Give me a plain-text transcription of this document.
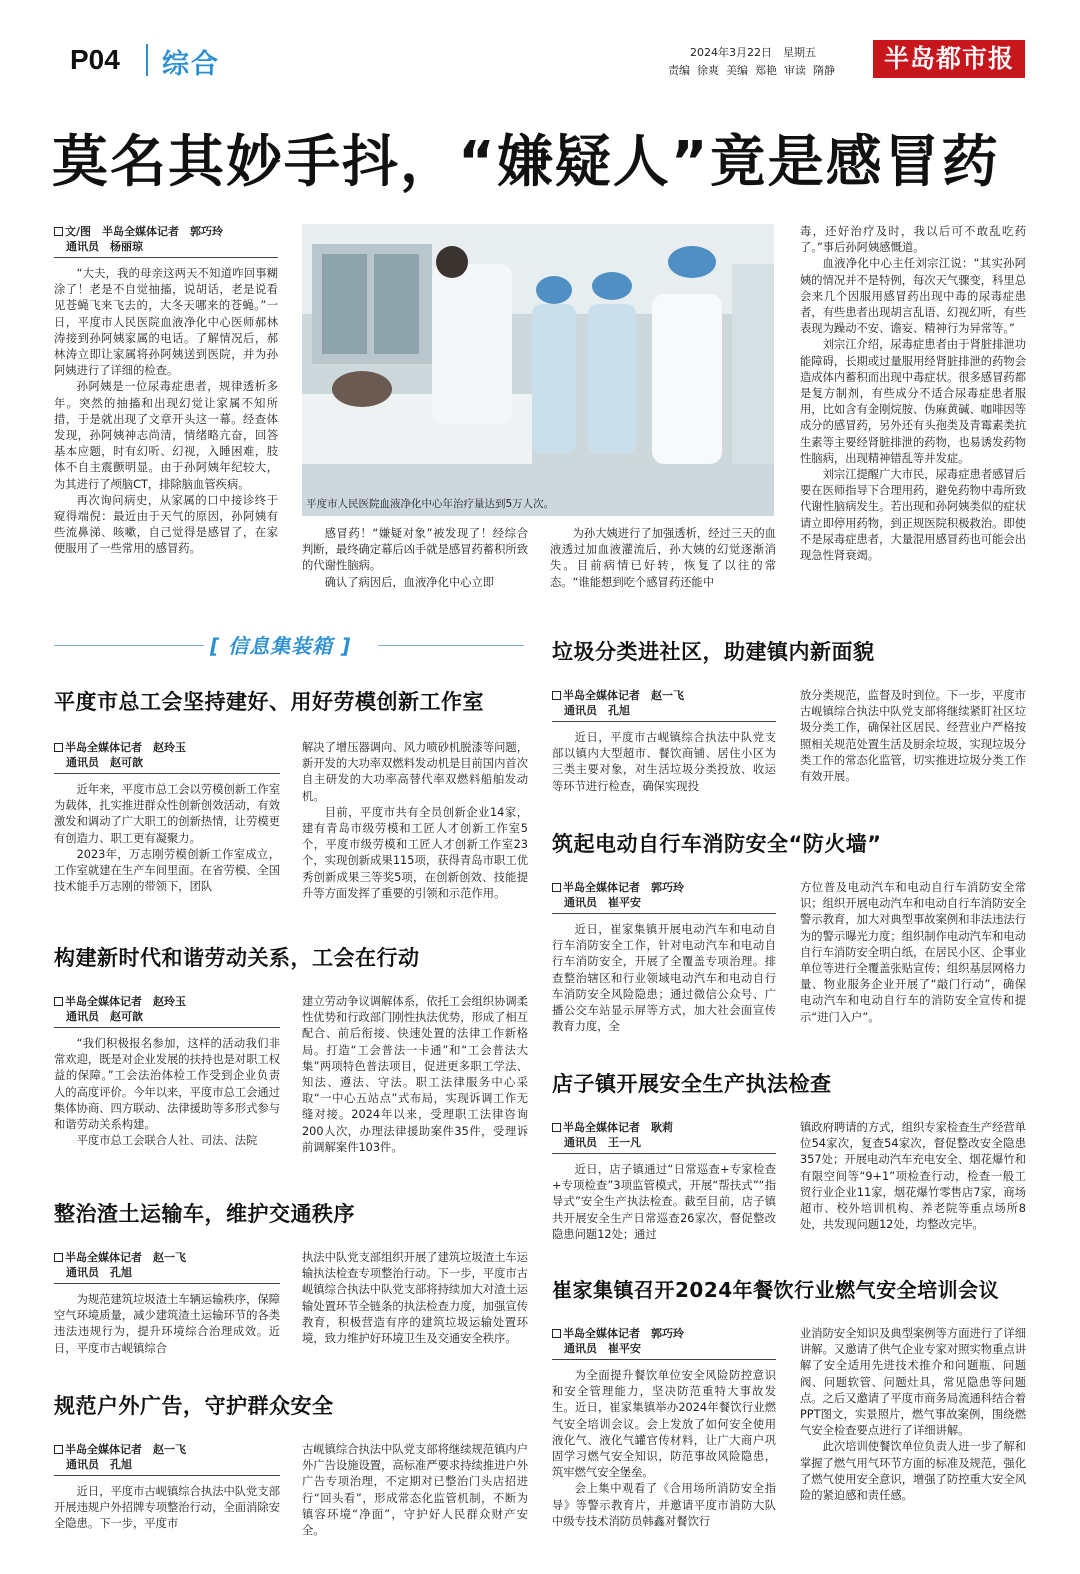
P04 综合	2024年3月22日　星期五
责编 徐爽 美编 郑艳 审读 隋静	半岛都市报
莫名其妙手抖，“嫌疑人”竟是感冒药
文/图　半岛全媒体记者　郭巧玲
通讯员　杨丽琼

“大夫，我的母亲这两天不知道咋回事糊涂了！老是不自觉抽搐，说胡话，老是说看见苍蝇飞来飞去的，大冬天哪来的苍蝇。”一日，平度市人民医院血液净化中心医师郝林涛接到孙阿姨家属的电话。了解情况后，郝林涛立即让家属将孙阿姨送到医院，并为孙阿姨进行了详细的检查。

孙阿姨是一位尿毒症患者，规律透析多年。突然的抽搐和出现幻觉让家属不知所措，于是就出现了文章开头这一幕。经查体发现，孙阿姨神志尚清，情绪略亢奋，回答基本应题，时有幻听、幻视，入睡困难，肢体不自主震颤明显。由于孙阿姨年纪较大，为其进行了颅脑CT，排除脑血管疾病。

再次询问病史，从家属的口中接诊终于窥得端倪：最近由于天气的原因，孙阿姨有些流鼻涕、咳嗽，自己觉得是感冒了，在家便服用了一些常用的感冒药。

平度市人民医院血液净化中心年治疗量达到5万人次。

感冒药！“嫌疑对象”被发现了！经综合判断，最终确定幕后凶手就是感冒药蓄积所致的代谢性脑病。

确认了病因后，血液净化中心立即

为孙大姨进行了加强透析，经过三天的血液透过加血液灌流后，孙大姨的幻觉逐渐消失。目前病情已好转，恢复了以往的常态。“谁能想到吃个感冒药还能中

毒，还好治疗及时，我以后可不敢乱吃药了。”事后孙阿姨感慨道。

血液净化中心主任刘宗江说：“其实孙阿姨的情况并不是特例，每次天气骤变，科里总会来几个因服用感冒药出现中毒的尿毒症患者，有些患者出现胡言乱语、幻视幻听，有些表现为躁动不安、谵妄、精神行为异常等。”

刘宗江介绍，尿毒症患者由于肾脏排泄功能障碍，长期或过量服用经肾脏排泄的药物会造成体内蓄积而出现中毒症状。很多感冒药都是复方制剂，有些成分不适合尿毒症患者服用，比如含有金刚烷胺、伪麻黄碱、咖啡因等成分的感冒药，另外还有头孢类及青霉素类抗生素等主要经肾脏排泄的药物，也易诱发药物性脑病，出现精神错乱等并发症。

刘宗江提醒广大市民，尿毒症患者感冒后要在医师指导下合理用药，避免药物中毒所致代谢性脑病发生。若出现和孙阿姨类似的症状请立即停用药物，到正规医院积极救治。即使不是尿毒症患者，大量混用感冒药也可能会出现急性肾衰竭。

[ 信息集装箱 ]
平度市总工会坚持建好、用好劳模创新工作室
半岛全媒体记者　赵玲玉
通讯员　赵可歆

近年来，平度市总工会以劳模创新工作室为载体，扎实推进群众性创新创效活动，有效激发和调动了广大职工的创新热情，让劳模更有创造力、职工更有凝聚力。

2023年，万志刚劳模创新工作室成立，工作室就建在生产车间里面。在省劳模、全国技术能手万志刚的带领下，团队

解决了增压器调向、风力喷砂机脱漆等问题，新开发的大功率双燃料发动机是目前国内首次自主研发的大功率高替代率双燃料船舶发动机。

目前，平度市共有全员创新企业14家，建有青岛市级劳模和工匠人才创新工作室5个，平度市级劳模和工匠人才创新工作室23个，实现创新成果115项，获得青岛市职工优秀创新成果三等奖5项，在创新创效、技能提升等方面发挥了重要的引领和示范作用。

构建新时代和谐劳动关系，工会在行动
半岛全媒体记者　赵玲玉
通讯员　赵可歆

“我们积极报名参加，这样的活动我们非常欢迎，既是对企业发展的扶持也是对职工权益的保障。”工会法治体检工作受到企业负责人的高度评价。今年以来，平度市总工会通过集体协商、四方联动、法律援助等多形式参与和谐劳动关系构建。

平度市总工会联合人社、司法、法院

建立劳动争议调解体系，依托工会组织协调柔性优势和行政部门刚性执法优势，形成了相互配合、前后衔接、快速处置的法律工作新格局。打造“工会普法一卡通”和“工会普法大集”两项特色普法项目，促进更多职工学法、知法、遵法、守法。职工法律服务中心采取“一中心五站点”式布局，实现诉调工作无缝对接。2024年以来，受理职工法律咨询200人次，办理法律援助案件35件，受理诉前调解案件103件。

整治渣土运输车，维护交通秩序
半岛全媒体记者　赵一飞
通讯员　孔旭

为规范建筑垃圾渣土车辆运输秩序，保障空气环境质量，减少建筑渣土运输环节的各类违法违规行为，提升环境综合治理成效。近日，平度市古岘镇综合

执法中队党支部组织开展了建筑垃圾渣土车运输执法检查专项整治行动。下一步，平度市古岘镇综合执法中队党支部将持续加大对渣土运输处置环节全链条的执法检查力度，加强宣传教育，积极营造有序的建筑垃圾运输处置环境，致力维护好环境卫生及交通安全秩序。

规范户外广告，守护群众安全
半岛全媒体记者　赵一飞
通讯员　孔旭

近日，平度市古岘镇综合执法中队党支部开展违规户外招牌专项整治行动，全面消除安全隐患。下一步，平度市

古岘镇综合执法中队党支部将继续规范镇内户外广告设施设置，高标准严要求持续推进户外广告专项治理，不定期对已整治门头店招进行“回头看”，形成常态化监管机制，不断为镇容环境“净面”，守护好人民群众财产安全。

垃圾分类进社区，助建镇内新面貌
半岛全媒体记者　赵一飞
通讯员　孔旭

近日，平度市古岘镇综合执法中队党支部以镇内大型超市、餐饮商铺、居住小区为三类主要对象，对生活垃圾分类投放、收运等环节进行检查，确保实现投

放分类规范，监督及时到位。下一步，平度市古岘镇综合执法中队党支部将继续紧盯社区垃圾分类工作，确保社区居民、经营业户严格按照相关规范处置生活及厨余垃圾，实现垃圾分类工作的常态化监管，切实推进垃圾分类工作有效开展。

筑起电动自行车消防安全“防火墙”
半岛全媒体记者　郭巧玲
通讯员　崔平安

近日，崔家集镇开展电动汽车和电动自行车消防安全工作，针对电动汽车和电动自行车消防安全，开展了全覆盖专项治理。排查整治辖区和行业领域电动汽车和电动自行车消防安全风险隐患；通过微信公众号、广播公交车站显示屏等方式，加大社会面宣传教育力度，全

方位普及电动汽车和电动自行车消防安全常识；组织开展电动汽车和电动自行车消防安全警示教育，加大对典型事故案例和非法违法行为的警示曝光力度；组织制作电动汽车和电动自行车消防安全明白纸，在居民小区、企事业单位等进行全覆盖张贴宣传；组织基层网格力量、物业服务企业开展了“敲门行动”，确保电动汽车和电动自行车的消防安全宣传和提示“进门入户”。

店子镇开展安全生产执法检查
半岛全媒体记者　耿莉
通讯员　王一凡

近日，店子镇通过“日常巡查+专家检查+专项检查”3项监管模式，开展“帮扶式”“指导式”安全生产执法检查。截至目前，店子镇共开展安全生产日常巡查26家次，督促整改隐患问题12处；通过

镇政府聘请的方式，组织专家检查生产经营单位54家次，复查54家次，督促整改安全隐患357处；开展电动汽车充电安全、烟花爆竹和有限空间等“9+1”项检查行动，检查一般工贸行业企业11家，烟花爆竹零售店7家，商场超市、校外培训机构、养老院等重点场所8处，共发现问题12处，均整改完毕。

崔家集镇召开2024年餐饮行业燃气安全培训会议
半岛全媒体记者　郭巧玲
通讯员　崔平安

为全面提升餐饮单位安全风险防控意识和安全管理能力，坚决防范重特大事故发生。近日，崔家集镇举办2024年餐饮行业燃气安全培训会议。会上发放了如何安全使用液化气、液化气罐官传材料，让广大商户巩固学习燃气安全知识，防范事故风险隐患，筑牢燃气安全堡垒。

会上集中观看了《合用场所消防安全指导》等警示教育片，并邀请平度市消防大队中级专技术消防员韩鑫对餐饮行

业消防安全知识及典型案例等方面进行了详细讲解。又邀请了供气企业专家对照实物重点讲解了安全适用先进技术推介和问题瓶、问题阀、问题软管、问题灶具，常见隐患等问题点。之后又邀请了平度市商务局流通科结合着PPT图文，实景照片，燃气事故案例，围绕燃气安全检查要点进行了详细讲解。

此次培训使餐饮单位负责人进一步了解和掌握了燃气用气环节方面的标准及规范，强化了燃气使用安全意识，增强了防控重大安全风险的紧迫感和责任感。
